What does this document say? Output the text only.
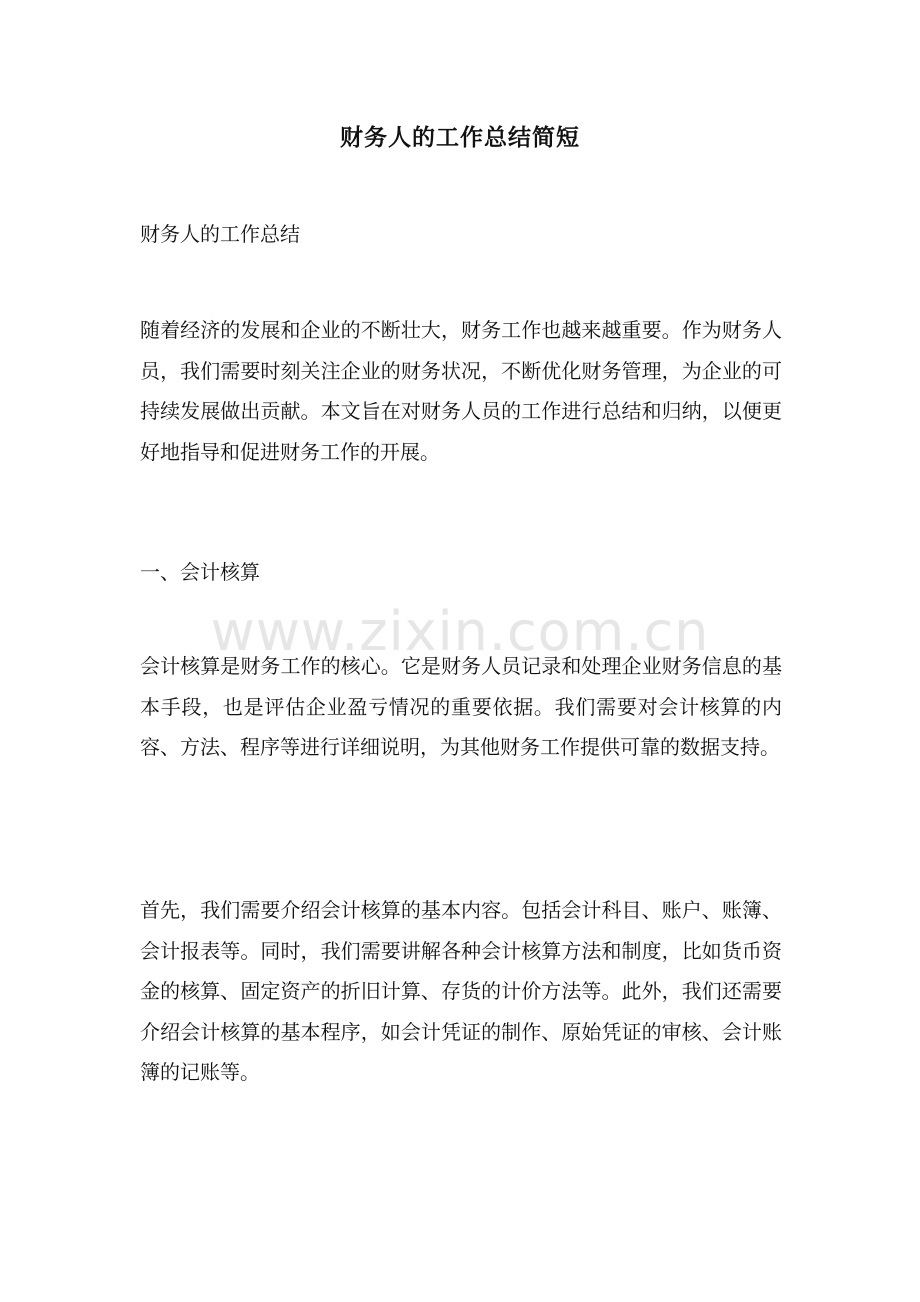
www.zixin.com.cn
财务人的工作总结简短
财务人的工作总结

随着经济的发展和企业的不断壮大，财务工作也越来越重要。作为财务人员，我们需要时刻关注企业的财务状况，不断优化财务管理，为企业的可持续发展做出贡献。本文旨在对财务人员的工作进行总结和归纳，以便更好地指导和促进财务工作的开展。

一、会计核算

会计核算是财务工作的核心。它是财务人员记录和处理企业财务信息的基本手段，也是评估企业盈亏情况的重要依据。我们需要对会计核算的内容、方法、程序等进行详细说明，为其他财务工作提供可靠的数据支持。

首先，我们需要介绍会计核算的基本内容。包括会计科目、账户、账簿、会计报表等。同时，我们需要讲解各种会计核算方法和制度，比如货币资金的核算、固定资产的折旧计算、存货的计价方法等。此外，我们还需要介绍会计核算的基本程序，如会计凭证的制作、原始凭证的审核、会计账簿的记账等。
